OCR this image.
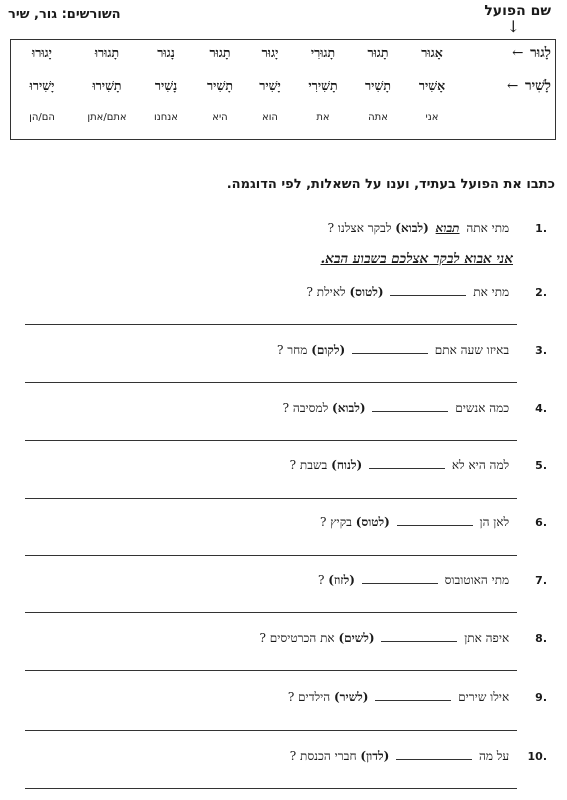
השורשים: גור, שיר	שם הפועל
↓
לָגוּר ←
אָגוּר
תָגוּר
תָגוּרִי
יָגוּר
תָגוּר
נָגוּר
תָגוּרוּ
יָגוּרוּ
לָשִׁיר ←
אָשִׁיר
תָשִׁיר
תָשִׁירִי
יָשִׁיר
תָשִׁיר
נָשִׁיר
תָשִׁירוּ
יָשִׁירוּ
אני
אתה
את
הוא
היא
אנחנו
אתם/אתן
הם/הן
כתבו את הפועל בעתיד, וענו על השאלות, לפי הדוגמה.
.1 מתי אתה תבוא (לבוא) לבקר אצלנו ?
אני אבוא לבקר אצלכם בשבוע הבא.
.2 מתי את  (לטוס) לאילת ?
.3 באיזו שעה אתם  (לקום) מחר ?
.4 כמה אנשים  (לבוא) למסיבה ?
.5 למה היא לא  (לנוח) בשבת ?
.6 לאן הן  (לטוס) בקיץ ?
.7 מתי האוטובוס  (לזוז) ?
.8 איפה אתן  (לשים) את הכרטיסים ?
.9 אילו שירים  (לשיר) הילדים ?
.10 על מה  (לדון) חברי הכנסת ?
